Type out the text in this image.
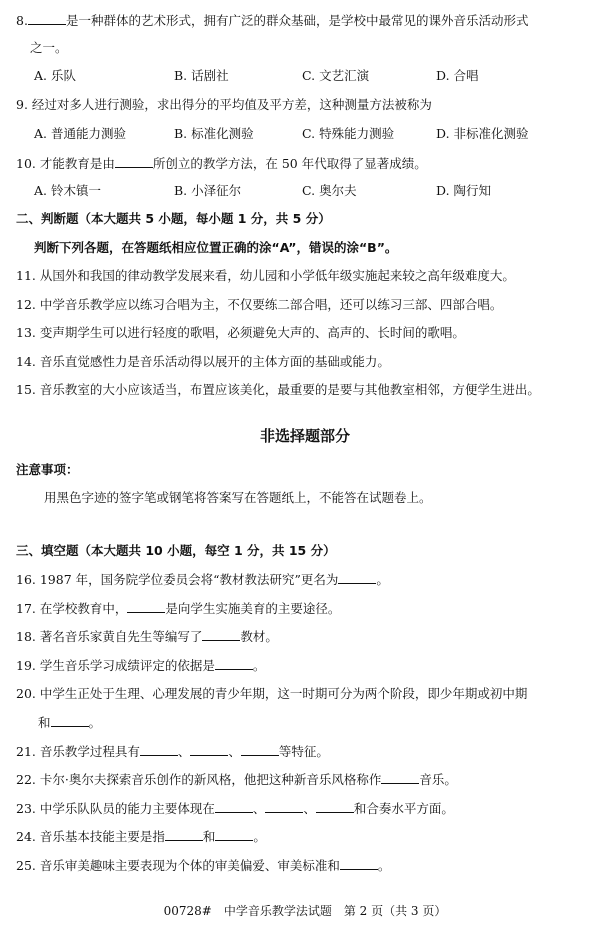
8.	是一种群体的艺术形式，拥有广泛的群众基础，是学校中最常见的课外音乐活动形式
之一。
A. 乐队	B. 话剧社	C. 文艺汇演	D. 合唱
9. 经过对多人进行测验，求出得分的平均值及平方差，这种测量方法被称为
A. 普通能力测验	B. 标准化测验	C. 特殊能力测验	D. 非标准化测验
10. 才能教育是由	所创立的教学方法，在 50 年代取得了显著成绩。
A. 铃木镇一	B. 小泽征尔	C. 奥尔夫	D. 陶行知
二、判断题（本大题共 5 小题，每小题 1 分，共 5 分）
判断下列各题，在答题纸相应位置正确的涂“A”，错误的涂“B”。
11. 从国外和我国的律动教学发展来看，幼儿园和小学低年级实施起来较之高年级难度大。
12. 中学音乐教学应以练习合唱为主，不仅要练二部合唱，还可以练习三部、四部合唱。
13. 变声期学生可以进行轻度的歌唱，必须避免大声的、高声的、长时间的歌唱。
14. 音乐直觉感性力是音乐活动得以展开的主体方面的基础或能力。
15. 音乐教室的大小应该适当，布置应该美化，最重要的是要与其他教室相邻，方便学生进出。
非选择题部分
注意事项：
用黑色字迹的签字笔或钢笔将答案写在答题纸上，不能答在试题卷上。
三、填空题（本大题共 10 小题，每空 1 分，共 15 分）
16. 1987 年，国务院学位委员会将“教材教法研究”更名为	。
17. 在学校教育中，	是向学生实施美育的主要途径。
18. 著名音乐家黄自先生等编写了	教材。
19. 学生音乐学习成绩评定的依据是	。
20. 中学生正处于生理、心理发展的青少年期，这一时期可分为两个阶段，即少年期或初中期
和	。
21. 音乐教学过程具有	、	、	等特征。
22. 卡尔·奥尔夫探索音乐创作的新风格，他把这种新音乐风格称作	音乐。
23. 中学乐队队员的能力主要体现在	、	、	和合奏水平方面。
24. 音乐基本技能主要是指	和	。
25. 音乐审美趣味主要表现为个体的审美偏爱、审美标准和	。
00728#　中学音乐教学法试题　第 2 页（共 3 页）
